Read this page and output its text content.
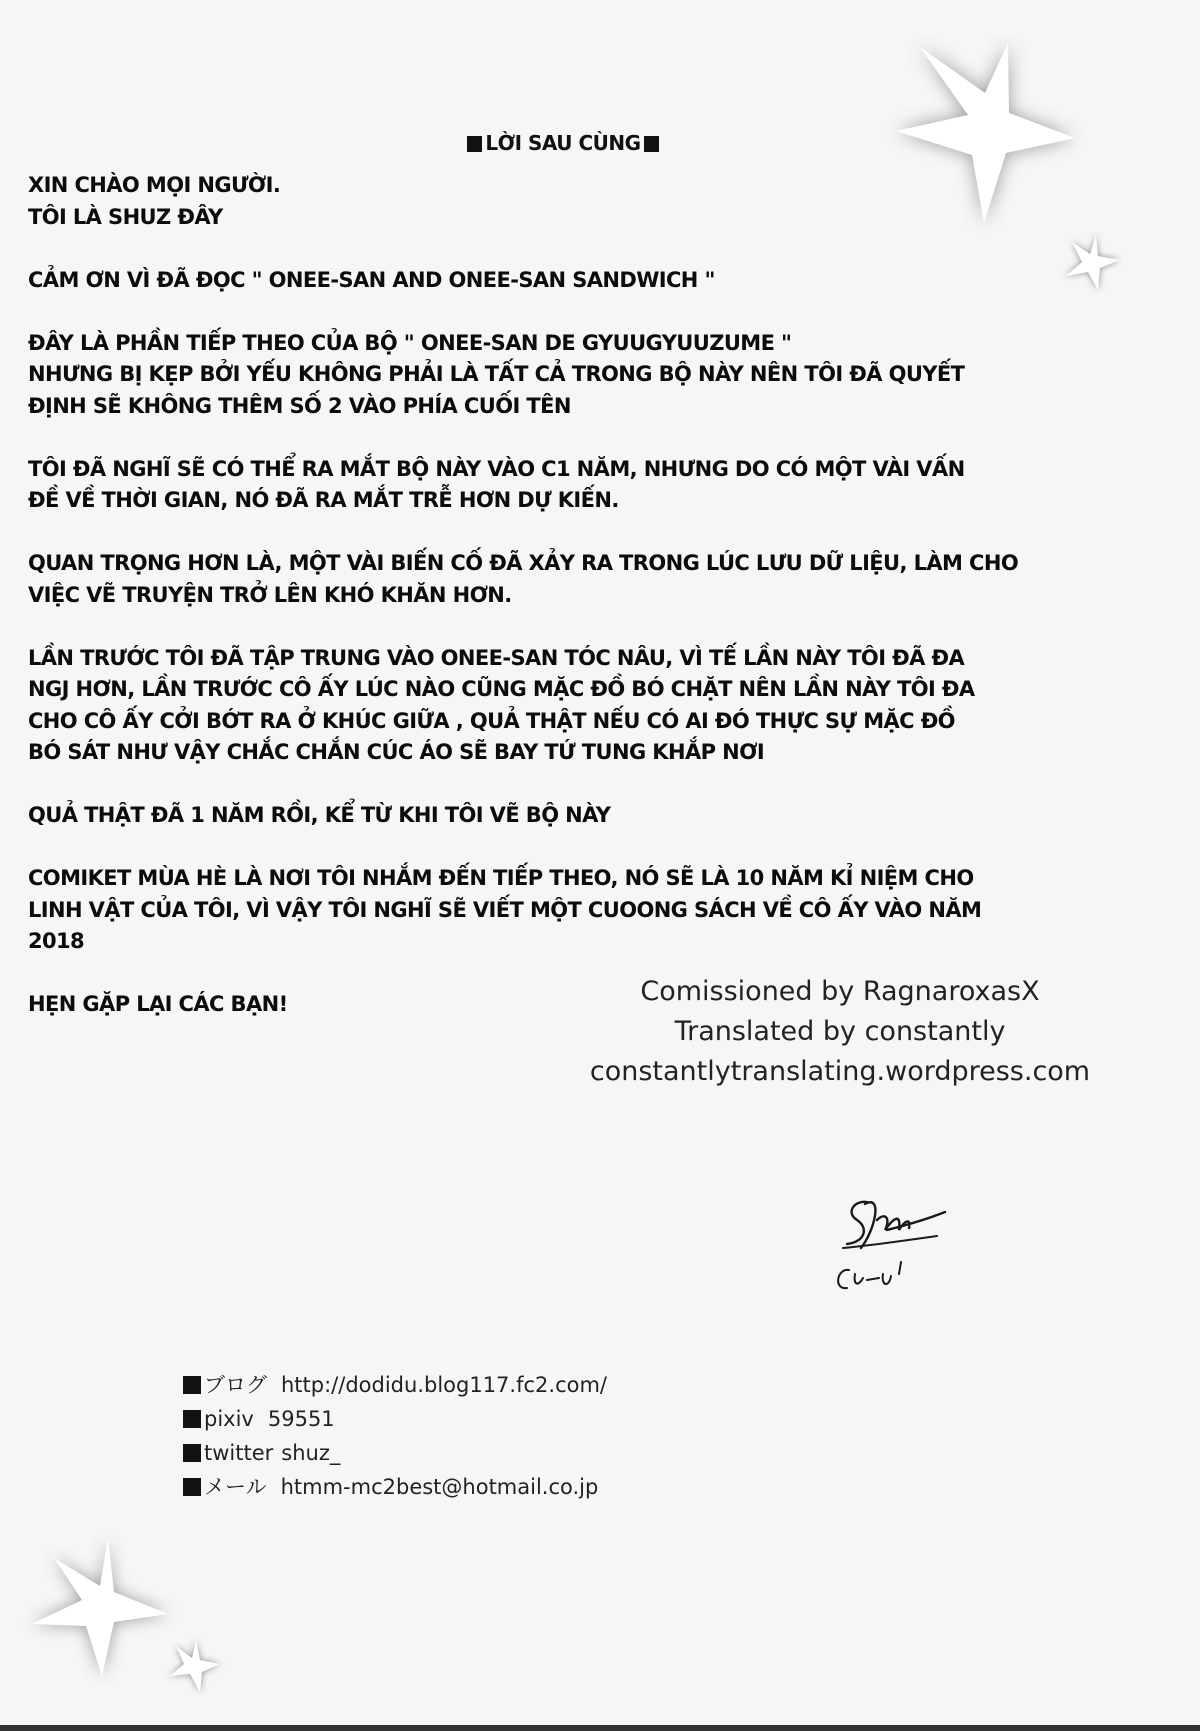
LỜI SAU CÙNG

XIN CHÀO MỌI NGƯỜI.
TÔI LÀ SHUZ ĐÂY

CẢM ƠN VÌ ĐÃ ĐỌC " ONEE-SAN AND ONEE-SAN SANDWICH "

ĐÂY LÀ PHẦN TIẾP THEO CỦA BỘ " ONEE-SAN DE GYUUGYUUZUME "
NHƯNG BỊ KẸP BỞI YẾU KHÔNG PHẢI LÀ TẤT CẢ TRONG BỘ NÀY NÊN TÔI ĐÃ QUYẾT
ĐỊNH SẼ KHÔNG THÊM SỐ 2 VÀO PHÍA CUỐI TÊN

TÔI ĐÃ NGHĨ SẼ CÓ THỂ RA MẮT BỘ NÀY VÀO C1 NĂM, NHƯNG DO CÓ MỘT VÀI VẤN
ĐỀ VỀ THỜI GIAN, NÓ ĐÃ RA MẮT TRỄ HƠN DỰ KIẾN.

QUAN TRỌNG HƠN LÀ, MỘT VÀI BIẾN CỐ ĐÃ XẢY RA TRONG LÚC LƯU DỮ LIỆU, LÀM CHO
VIỆC VẼ TRUYỆN TRỞ LÊN KHÓ KHĂN HƠN.

LẦN TRƯỚC TÔI ĐÃ TẬP TRUNG VÀO ONEE-SAN TÓC NÂU, VÌ TẾ LẦN NÀY TÔI ĐÃ ĐA
NGJ HƠN, LẦN TRƯỚC CÔ ẤY LÚC NÀO CŨNG MẶC ĐỒ BÓ CHẶT NÊN LẦN NÀY TÔI ĐA
CHO CÔ ẤY CỞI BỚT RA Ở KHÚC GIỮA , QUẢ THẬT NẾU CÓ AI ĐÓ THỰC SỰ MẶC ĐỒ
BÓ SÁT NHƯ VẬY CHẮC CHẮN CÚC ÁO SẼ BAY TỨ TUNG KHẮP NƠI

QUẢ THẬT ĐÃ 1 NĂM RỒI, KỂ TỪ KHI TÔI VẼ BỘ NÀY

COMIKET MÙA HÈ LÀ NƠI TÔI NHẮM ĐẾN TIẾP THEO, NÓ SẼ LÀ 10 NĂM KỈ NIỆM CHO
LINH VẬT CỦA TÔI, VÌ VẬY TÔI NGHĨ SẼ VIẾT MỘT CUOONG SÁCH VỀ CÔ ẤY VÀO NĂM
2018

HẸN GẶP LẠI CÁC BẠN!	Comissioned by RagnaroxasX
Translated by constantly
constantlytranslating.wordpress.com
ブログ http://dodidu.blog117.fc2.com/
pixiv 59551
twitter shuz_
メール htmm-mc2best@hotmail.co.jp
